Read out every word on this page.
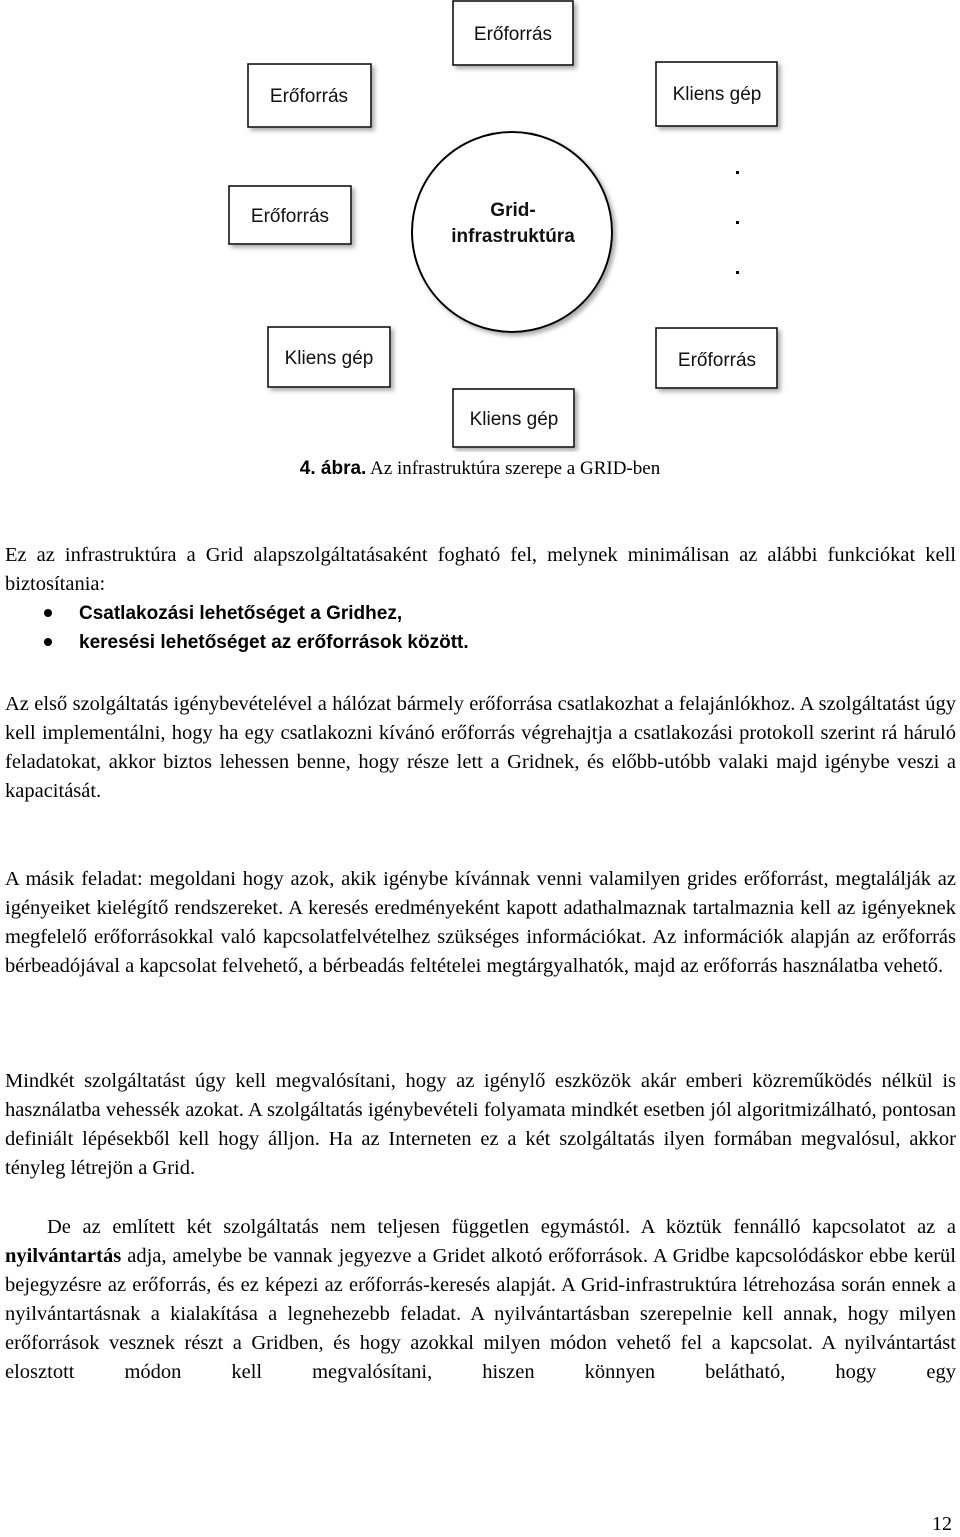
Grid-
infrastruktúra
Erőforrás
Erőforrás	Kliens gép
Erőforrás
Kliens gép	Erőforrás
Kliens gép
4. ábra. Az infrastruktúra szerepe a GRID-ben

Ez az infrastruktúra a Grid alapszolgáltatásaként fogható fel, melynek minimálisan az alábbi funkciókat kell biztosítania:

Csatlakozási lehetőséget a Gridhez,
keresési lehetőséget az erőforrások között.

Az első szolgáltatás igénybevételével a hálózat bármely erőforrása csatlakozhat a felajánlókhoz. A szolgáltatást úgy kell implementálni, hogy ha egy csatlakozni kívánó erőforrás végrehajtja a csatlakozási protokoll szerint rá háruló feladatokat, akkor biztos lehessen benne, hogy része lett a Gridnek, és előbb-utóbb valaki majd igénybe veszi a kapacitását.

A másik feladat: megoldani hogy azok, akik igénybe kívánnak venni valamilyen grides erőforrást, megtalálják az igényeiket kielégítő rendszereket. A keresés eredményeként kapott adathalmaznak tartalmaznia kell az igényeknek megfelelő erőforrásokkal való kapcsolatfelvételhez szükséges információkat. Az információk alapján az erőforrás bérbeadójával a kapcsolat felvehető, a bérbeadás feltételei megtárgyalhatók, majd az erőforrás használatba vehető.

Mindkét szolgáltatást úgy kell megvalósítani, hogy az igénylő eszközök akár emberi közreműködés nélkül is használatba vehessék azokat. A szolgáltatás igénybevételi folyamata mindkét esetben jól algoritmizálható, pontosan definiált lépésekből kell hogy álljon. Ha az Interneten ez a két szolgáltatás ilyen formában megvalósul, akkor tényleg létrejön a Grid.

De az említett két szolgáltatás nem teljesen független egymástól. A köztük fennálló kapcsolatot az a nyilvántartás adja, amelybe be vannak jegyezve a Gridet alkotó erőforrások. A Gridbe kapcsolódáskor ebbe kerül bejegyzésre az erőforrás, és ez képezi az erőforrás-keresés alapját. A Grid-infrastruktúra létrehozása során ennek a nyilvántartásnak a kialakítása a legnehezebb feladat. A nyilvántartásban szerepelnie kell annak, hogy milyen erőforrások vesznek részt a Gridben, és hogy azokkal milyen módon vehető fel a kapcsolat. A nyilvántartást elosztott módon kell megvalósítani, hiszen könnyen belátható, hogy egy

12
